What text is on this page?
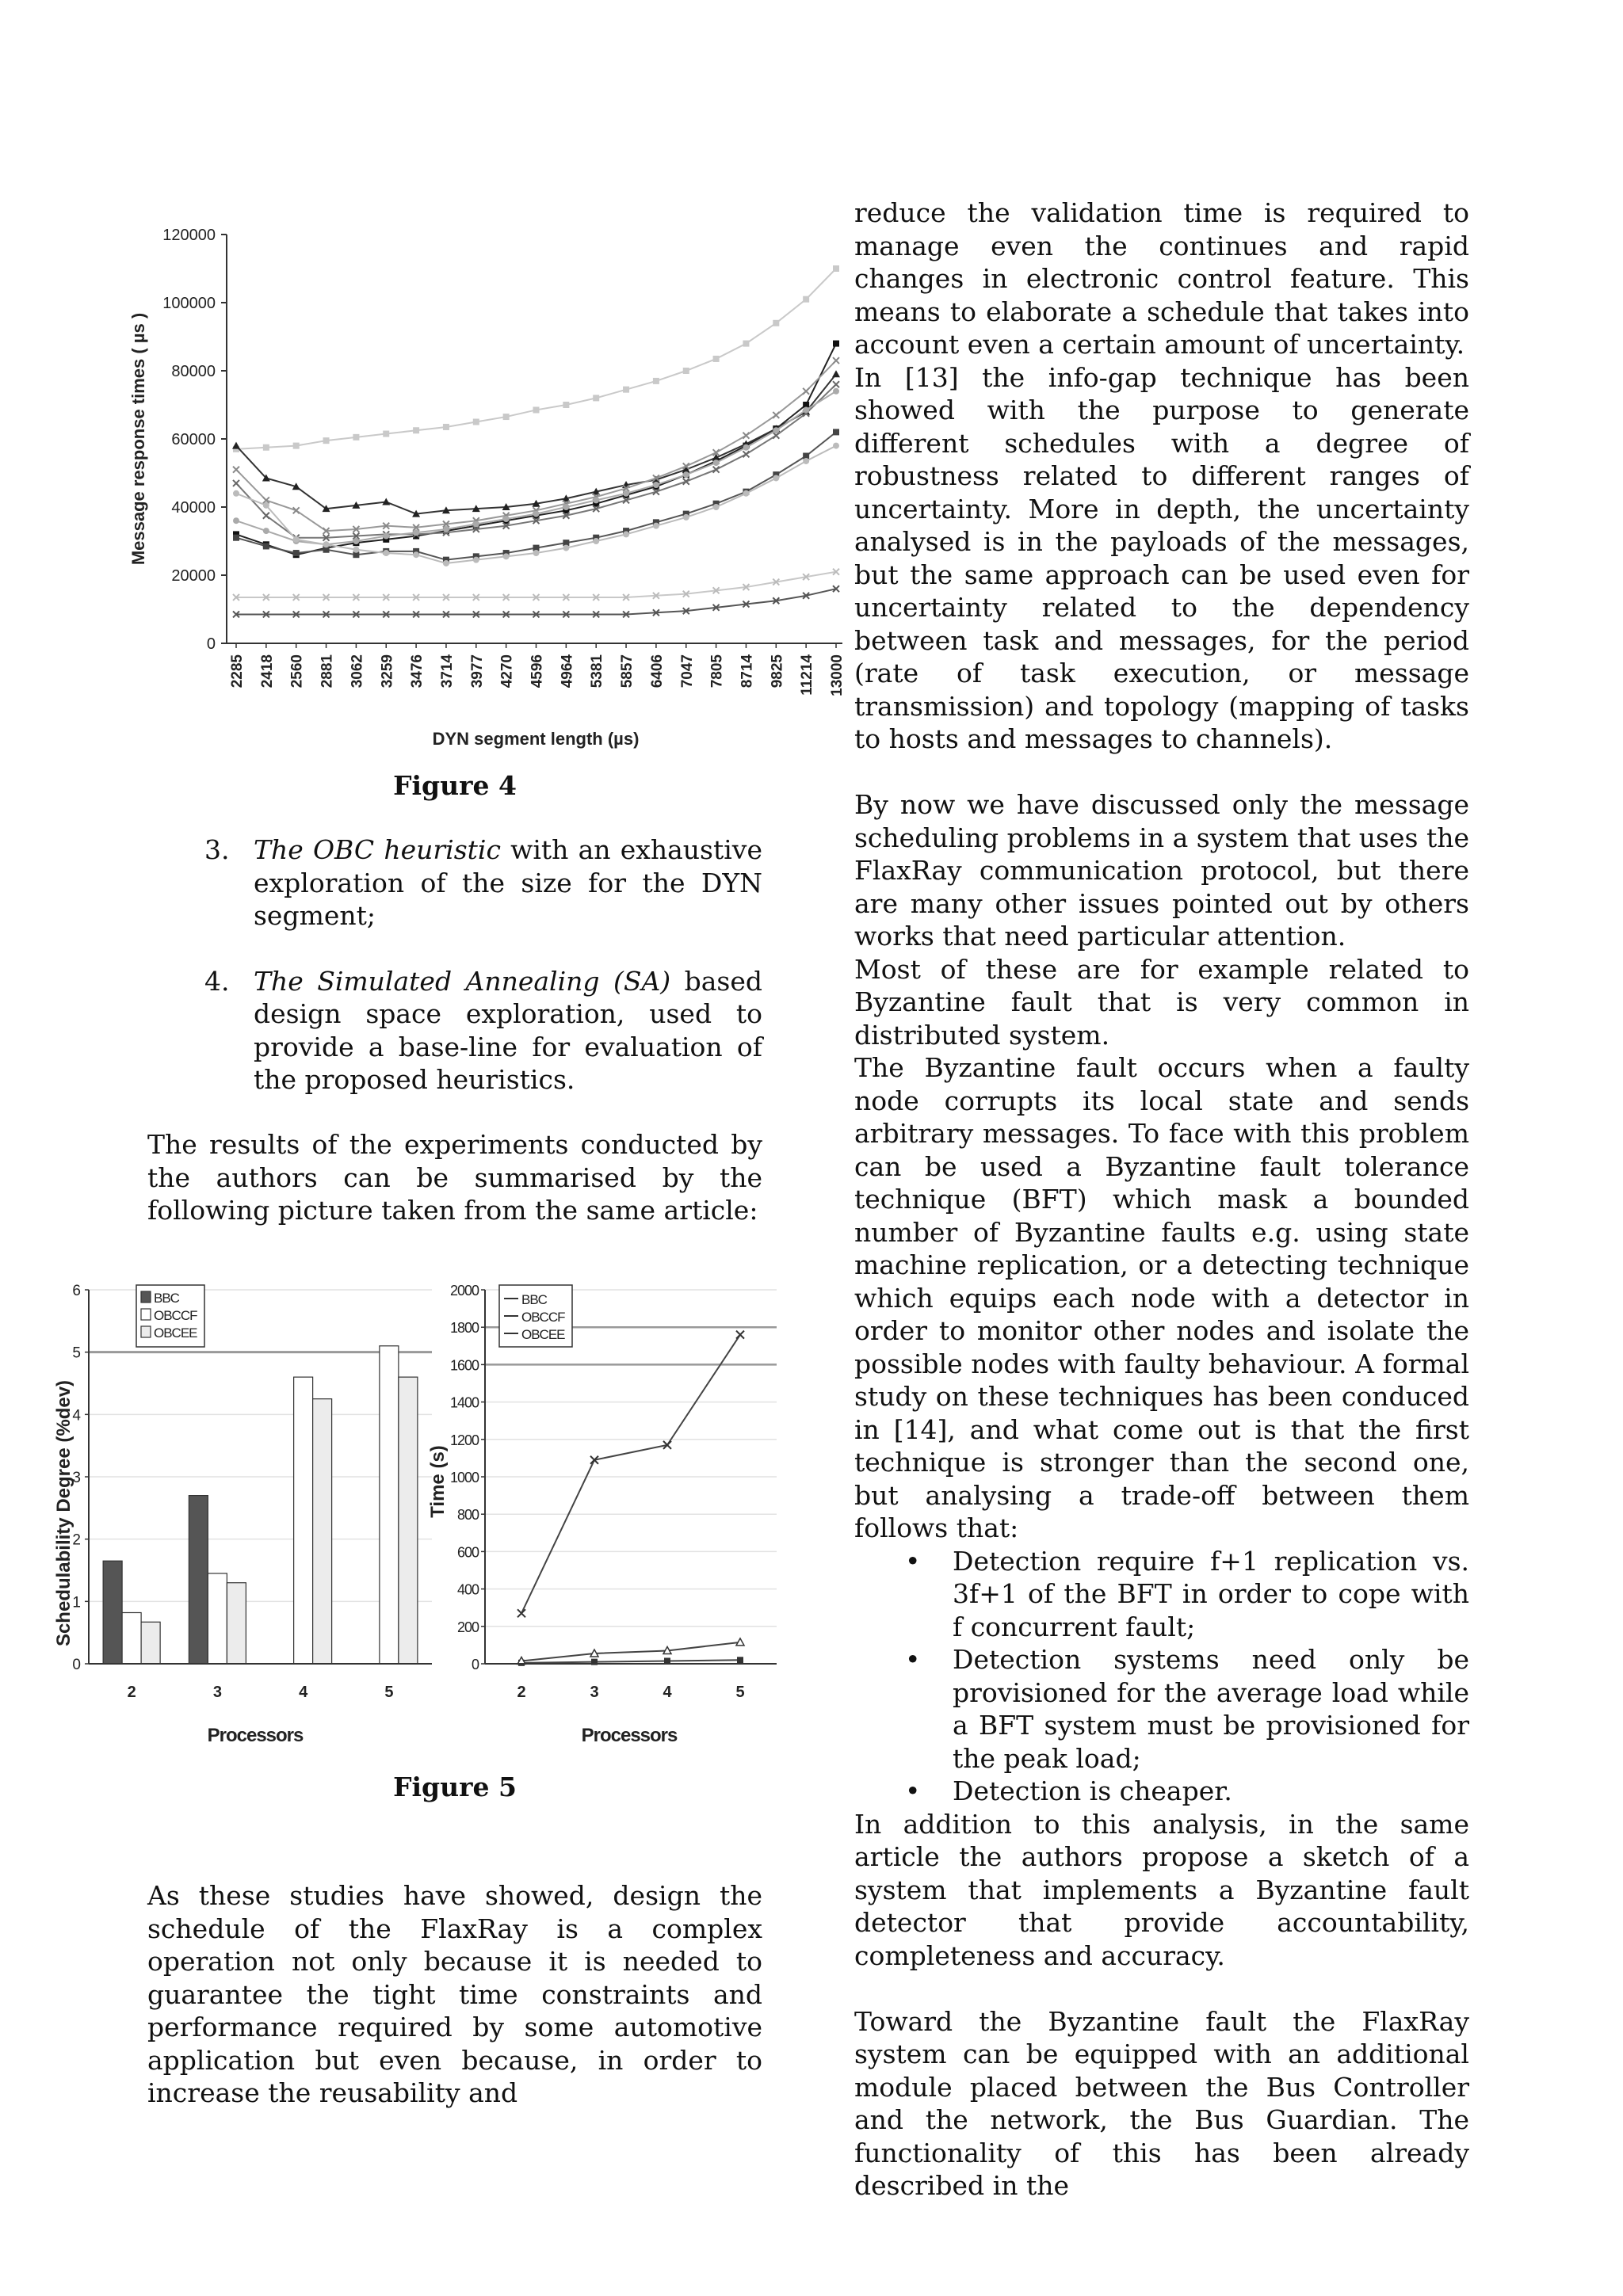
0
20000
40000
60000
80000
100000
120000
2285 2418 2560 2881 3062 3259 3476 3714 3977 4270 4596 4964 5381 5857 6406 7047 7805 8714 9825 11214 13000
Message response times ( µs )
DYN segment length (µs)
Figure 4
3. The OBC heuristic with an exhaustive exploration of the size for the DYN segment;
4. The Simulated Annealing (SA) based design space exploration, used to provide a base-line for evaluation of the proposed heuristics.

The results of the experiments conducted by the authors can be summarised by the following picture taken from the same article:

0
1
2
3
4
5
6
2	3	4	5
BBC
OBCCF
OBCEE
Schedulability Degree (%dev)
Processors
0
200
400
600
800
1000
1200
1400
1600
1800
2000
2	3	4	5
BBC
OBCCF
OBCEE
Time (s)
Processors
Figure 5

As these studies have showed, design the schedule of the FlaxRay is a complex operation not only because it is needed to guarantee the tight time constraints and performance required by some automotive application but even because, in order to increase the reusability and

reduce the validation time is required to manage even the continues and rapid changes in electronic control feature. This means to elaborate a schedule that takes into account even a certain amount of uncertainty.

In [13] the info-gap technique has been showed with the purpose to generate different schedules with a degree of robustness related to different ranges of uncertainty. More in depth, the uncertainty analysed is in the payloads of the messages, but the same approach can be used even for uncertainty related to the dependency between task and messages, for the period (rate of task execution, or message transmission) and topology (mapping of tasks to hosts and messages to channels).

By now we have discussed only the message scheduling problems in a system that uses the FlaxRay communication protocol, but there are many other issues pointed out by others works that need particular attention.

Most of these are for example related to Byzantine fault that is very common in distributed system.

The Byzantine fault occurs when a faulty node corrupts its local state and sends arbitrary messages. To face with this problem can be used a Byzantine fault tolerance technique (BFT) which mask a bounded number of Byzantine faults e.g. using state machine replication, or a detecting technique which equips each node with a detector in order to monitor other nodes and isolate the possible nodes with faulty behaviour. A formal study on these techniques has been conduced in [14], and what come out is that the first technique is stronger than the second one, but analysing a trade-off between them follows that:

• Detection require f+1 replication vs. 3f+1 of the BFT in order to cope with f concurrent fault;
• Detection systems need only be provisioned for the average load while a BFT system must be provisioned for the peak load;
• Detection is cheaper.

In addition to this analysis, in the same article the authors propose a sketch of a system that implements a Byzantine fault detector that provide accountability, completeness and accuracy.

Toward the Byzantine fault the FlaxRay system can be equipped with an additional module placed between the Bus Controller and the network, the Bus Guardian. The functionality of this has been already described in the
